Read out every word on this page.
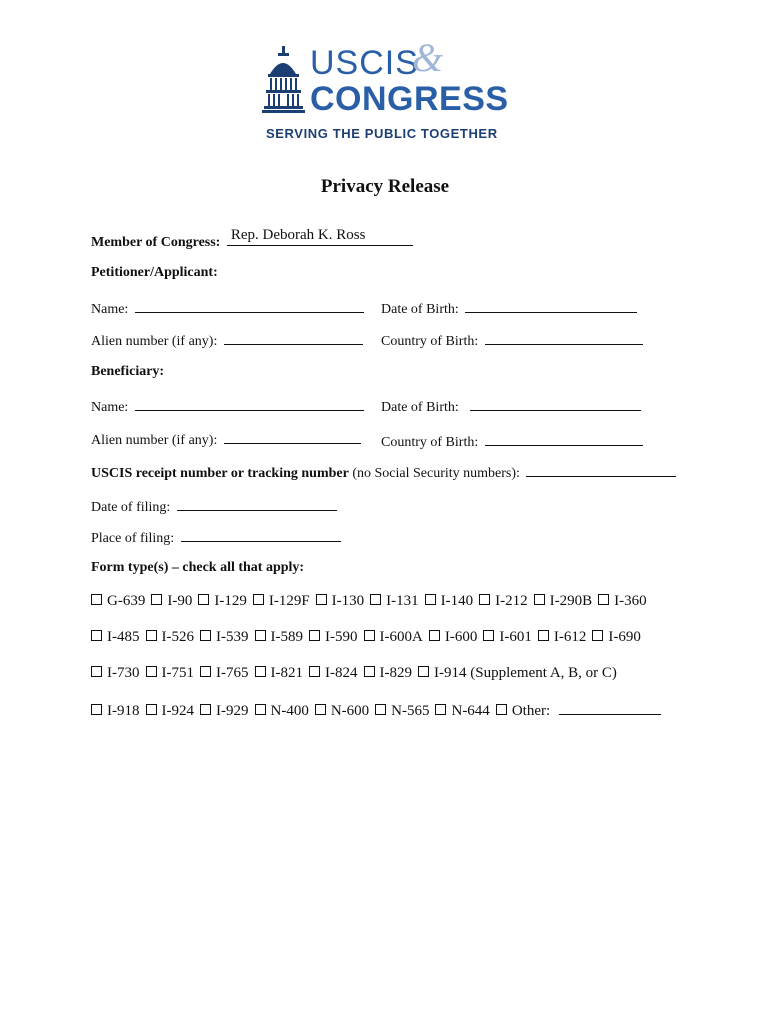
USCIS
&
CONGRESS
SERVING THE PUBLIC TOGETHER
Privacy Release
Member of Congress: Rep. Deborah K. Ross
Petitioner/Applicant:
Name:	Date of Birth:
Alien number (if any):	Country of Birth:
Beneficiary:
Name:	Date of Birth:
Alien number (if any):	Country of Birth:
USCIS receipt number or tracking number (no Social Security numbers):
Date of filing:
Place of filing:
Form type(s) – check all that apply:
G-639 I-90 I-129 I-129F I-130 I-131 I-140 I-212 I-290B I-360
I-485 I-526 I-539 I-589 I-590 I-600A I-600 I-601 I-612 I-690
I-730 I-751 I-765 I-821 I-824 I-829 I-914 (Supplement A, B, or C)
I-918 I-924 I-929 N-400 N-600 N-565 N-644 Other:
